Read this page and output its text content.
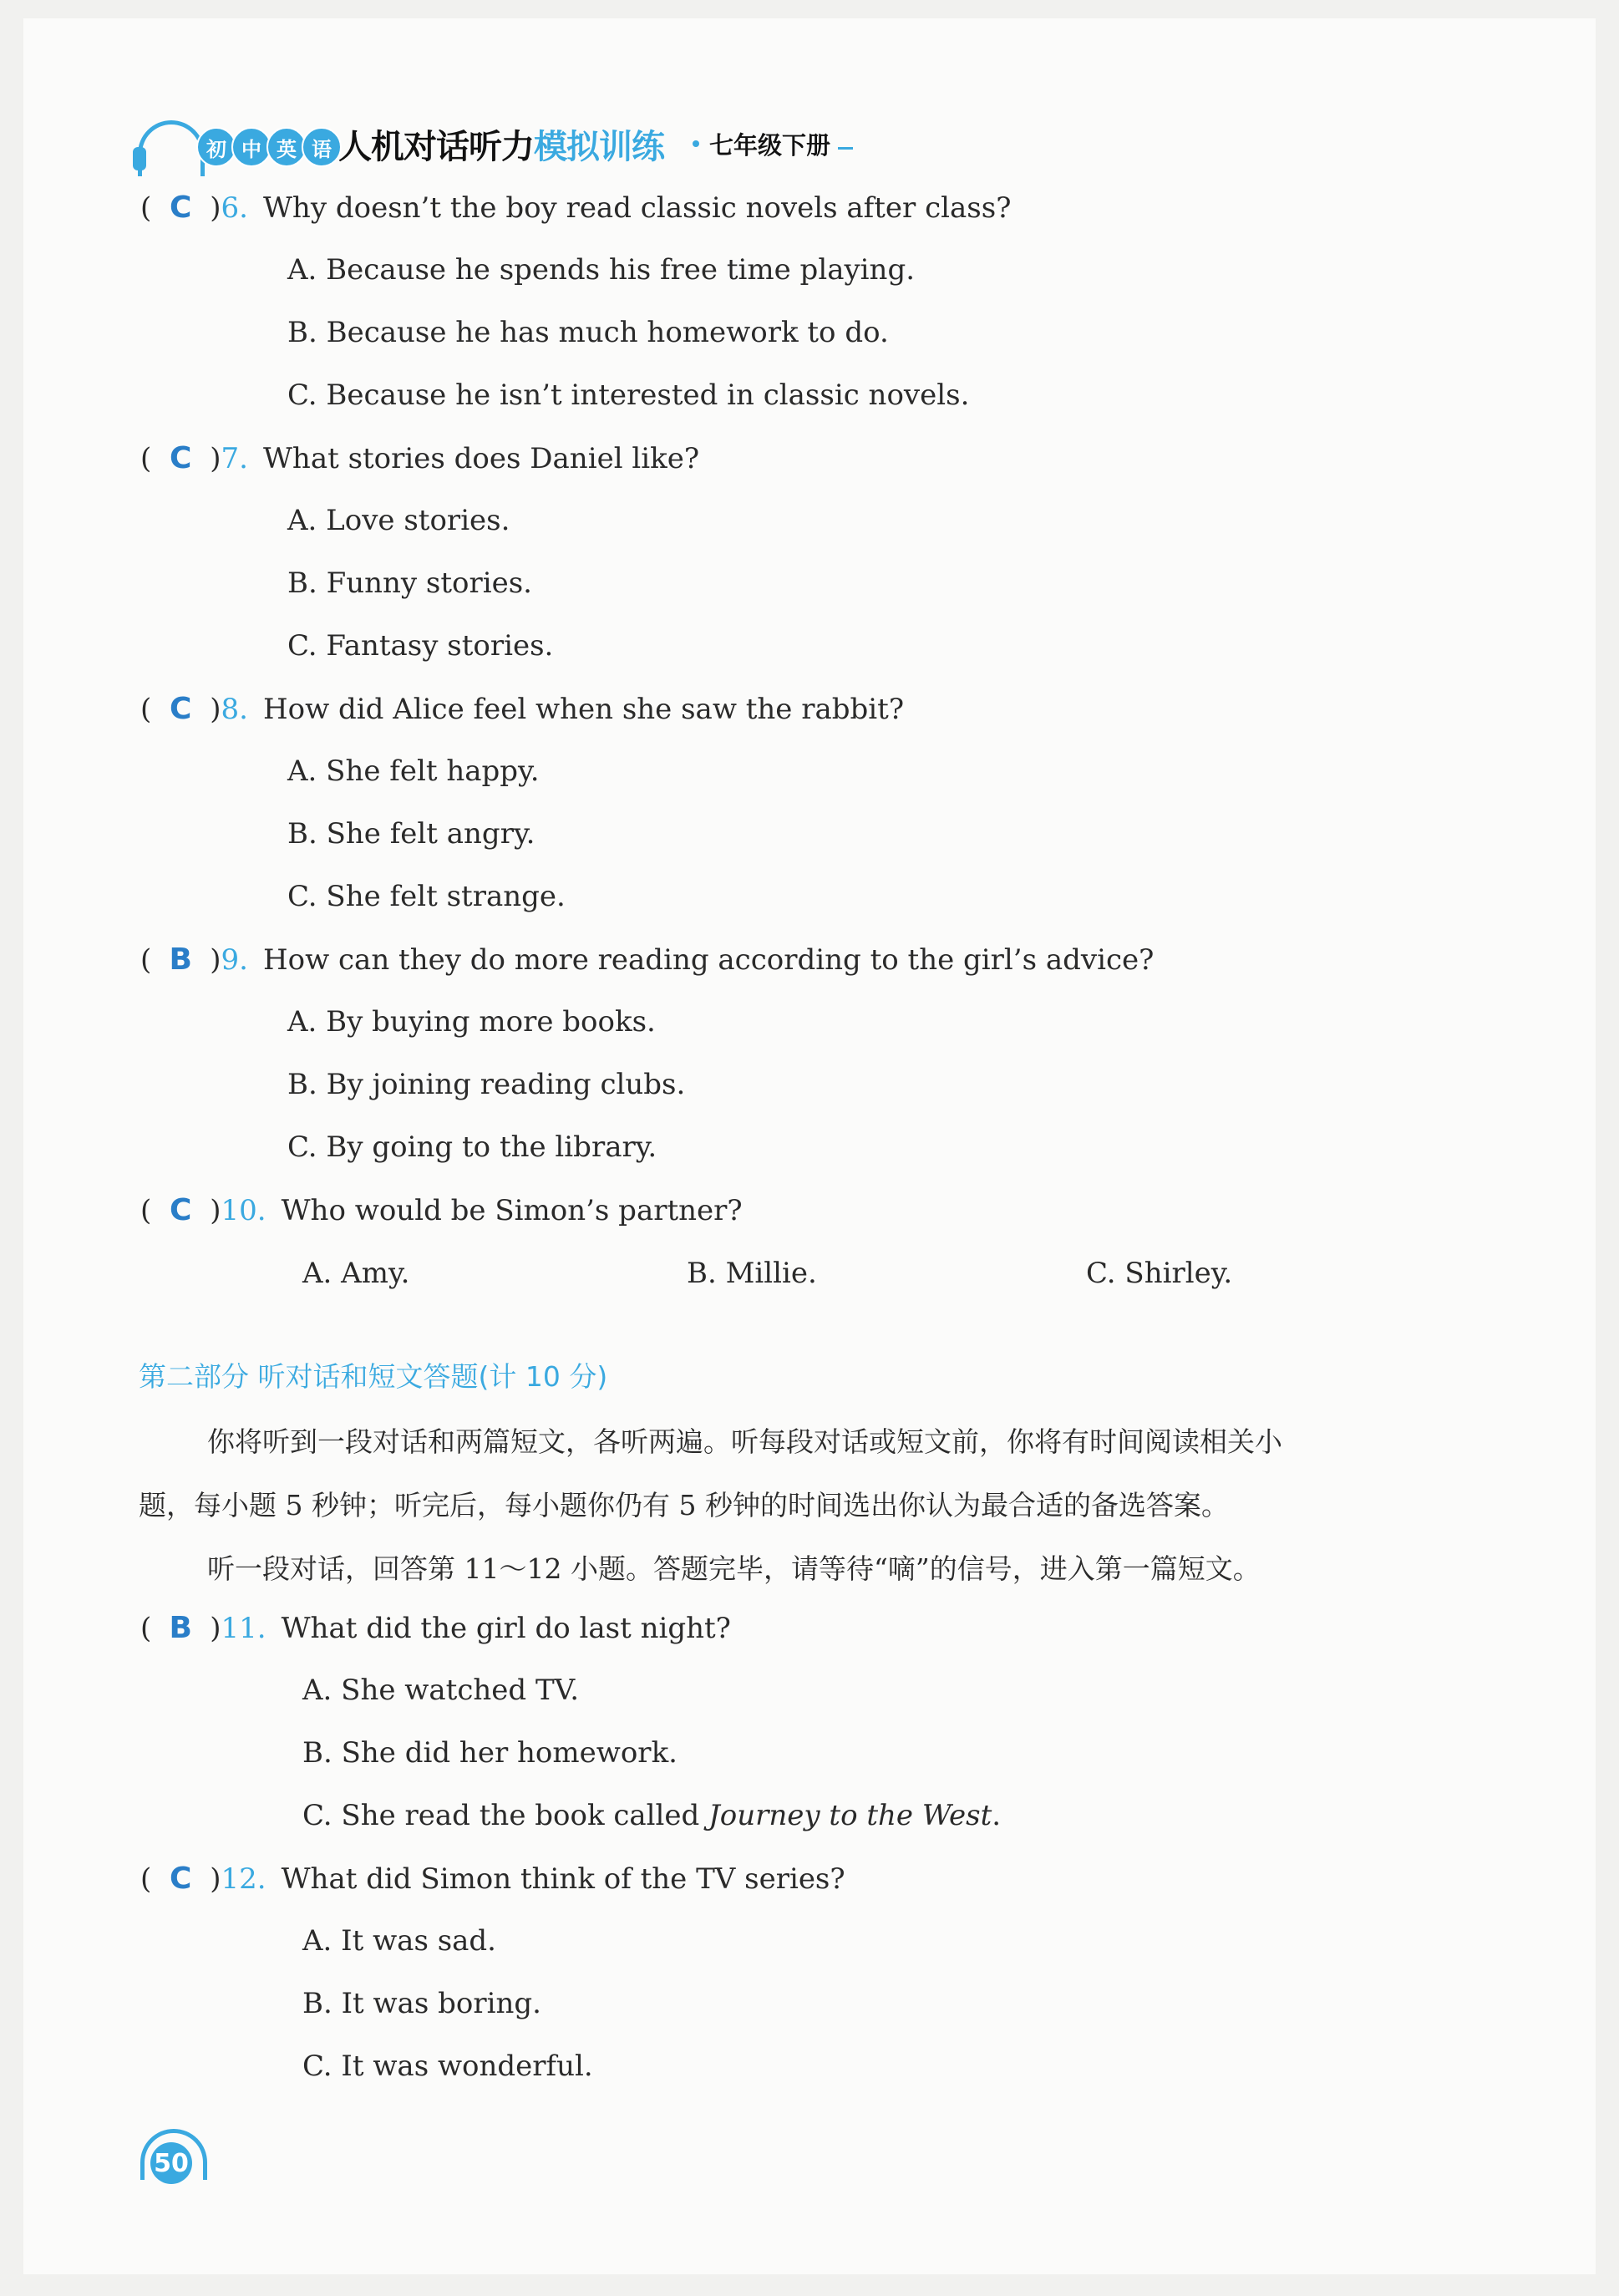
初 中 英 语 人机对话听力模拟训练 七年级下册
( C )6. Why doesn’t the boy read classic novels after class?
A. Because he spends his free time playing.
B. Because he has much homework to do.
C. Because he isn’t interested in classic novels.
( C )7. What stories does Daniel like?
A. Love stories.
B. Funny stories.
C. Fantasy stories.
( C )8. How did Alice feel when she saw the rabbit?
A. She felt happy.
B. She felt angry.
C. She felt strange.
( B )9. How can they do more reading according to the girl’s advice?
A. By buying more books.
B. By joining reading clubs.
C. By going to the library.
( C )10. Who would be Simon’s partner?
A. Amy.	B. Millie.	C. Shirley.
第二部分 听对话和短文答题(计 10 分)
你将听到一段对话和两篇短文，各听两遍。听每段对话或短文前，你将有时间阅读相关小
题，每小题 5 秒钟；听完后，每小题你仍有 5 秒钟的时间选出你认为最合适的备选答案。
听一段对话，回答第 11～12 小题。答题完毕，请等待“嘀”的信号，进入第一篇短文。
( B )11. What did the girl do last night?
A. She watched TV.
B. She did her homework.
C. She read the book called Journey to the West.
( C )12. What did Simon think of the TV series?
A. It was sad.
B. It was boring.
C. It was wonderful.
50
